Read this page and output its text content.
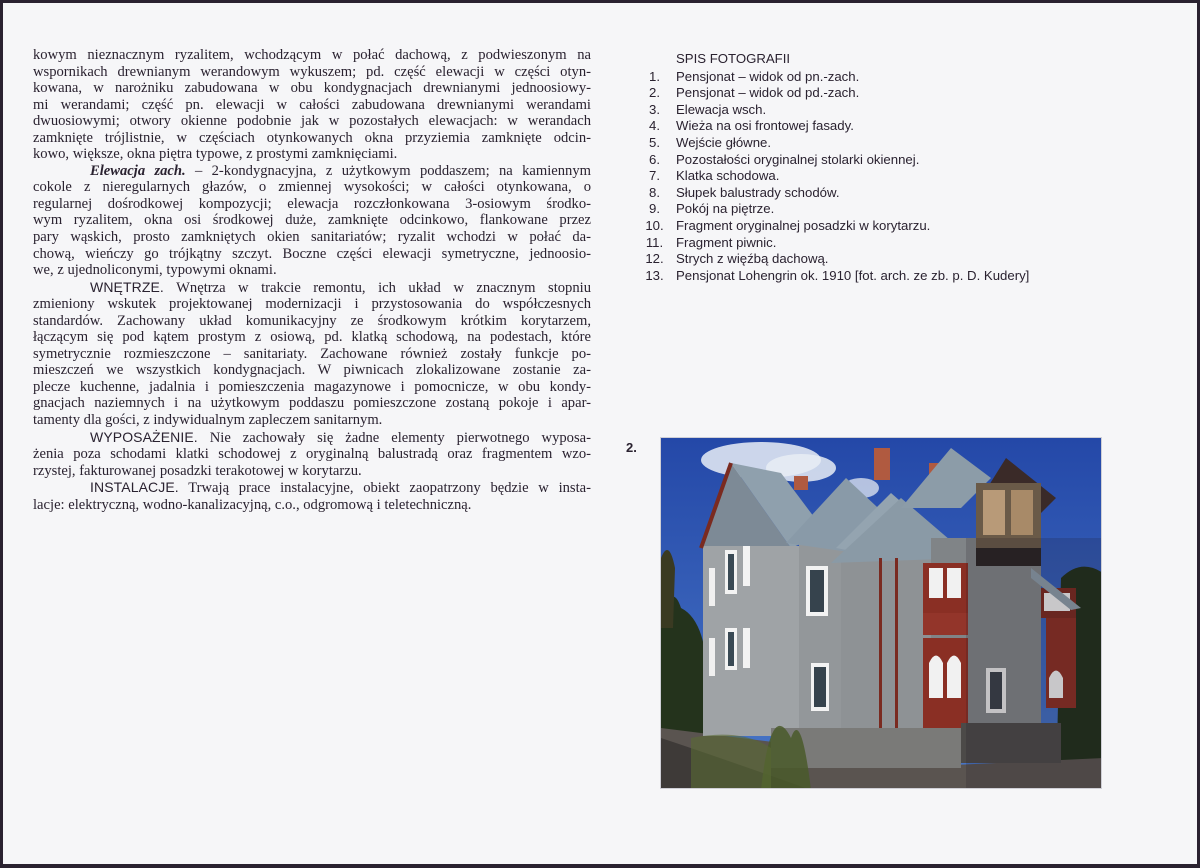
kowym nieznacznym ryzalitem, wchodzącym w połać dachową, z podwieszonym na
wspornikach drewnianym werandowym wykuszem; pd. część elewacji w części otyn-
kowana, w narożniku zabudowana w obu kondygnacjach drewnianymi jednoosiowy-
mi werandami; część pn. elewacji w całości zabudowana drewnianymi werandami
dwuosiowymi; otwory okienne podobnie jak w pozostałych elewacjach: w werandach
zamknięte trójlistnie, w częściach otynkowanych okna przyziemia zamknięte odcin-
kowo, większe, okna piętra typowe, z prostymi zamknięciami.
Elewacja zach. – 2-kondygnacyjna, z użytkowym poddaszem; na kamiennym
cokole z nieregularnych głazów, o zmiennej wysokości; w całości otynkowana, o
regularnej dośrodkowej kompozycji; elewacja rozczłonkowana 3-osiowym środko-
wym ryzalitem, okna osi środkowej duże, zamknięte odcinkowo, flankowane przez
pary wąskich, prosto zamkniętych okien sanitariatów; ryzalit wchodzi w połać da-
chową, wieńczy go trójkątny szczyt. Boczne części elewacji symetryczne, jednoosio-
we, z ujednoliconymi, typowymi oknami.
WNĘTRZE. Wnętrza w trakcie remontu, ich układ w znacznym stopniu
zmieniony wskutek projektowanej modernizacji i przystosowania do współczesnych
standardów. Zachowany układ komunikacyjny ze środkowym krótkim korytarzem,
łączącym się pod kątem prostym z osiową, pd. klatką schodową, na podestach, które
symetrycznie rozmieszczone – sanitariaty. Zachowane również zostały funkcje po-
mieszczeń we wszystkich kondygnacjach. W piwnicach zlokalizowane zostanie za-
plecze kuchenne, jadalnia i pomieszczenia magazynowe i pomocnicze, w obu kondy-
gnacjach naziemnych i na użytkowym poddaszu pomieszczone zostaną pokoje i apar-
tamenty dla gości, z indywidualnym zapleczem sanitarnym.
WYPOSAŻENIE. Nie zachowały się żadne elementy pierwotnego wyposa-
żenia poza schodami klatki schodowej z oryginalną balustradą oraz fragmentem wzo-
rzystej, fakturowanej posadzki terakotowej w korytarzu.
INSTALACJE. Trwają prace instalacyjne, obiekt zaopatrzony będzie w insta-
lacje: elektryczną, wodno-kanalizacyjną, c.o., odgromową i teletechniczną.
SPIS FOTOGRAFII
1.	Pensjonat – widok od pn.-zach.
2.	Pensjonat – widok od pd.-zach.
3.	Elewacja wsch.
4.	Wieża na osi frontowej fasady.
5.	Wejście główne.
6.	Pozostałości oryginalnej stolarki okiennej.
7.	Klatka schodowa.
8.	Słupek balustrady schodów.
9.	Pokój na piętrze.
10. Fragment oryginalnej posadzki w korytarzu.
11. Fragment piwnic.
12. Strych z więźbą dachową.
13. Pensjonat Lohengrin ok. 1910 [fot. arch. ze zb. p. D. Kudery]
2.
